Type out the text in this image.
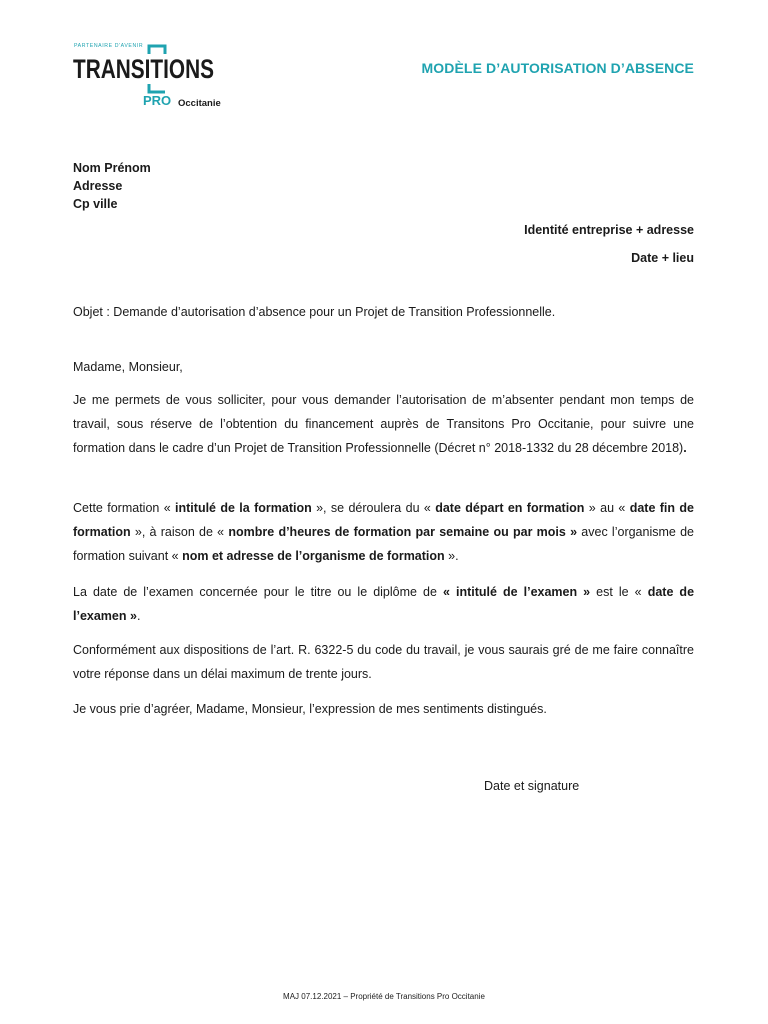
PARTENAIRE D'AVENIR
TRANSITIONS
PRO Occitanie
MODÈLE D’AUTORISATION D’ABSENCE
Nom Prénom
Adresse
Cp ville
Identité entreprise + adresse
Date + lieu
Objet : Demande d’autorisation d’absence pour un Projet de Transition Professionnelle.
Madame, Monsieur,
Je me permets de vous solliciter, pour vous demander l’autorisation de m’absenter pendant mon temps de travail, sous réserve de l’obtention du financement auprès de Transitons Pro Occitanie, pour suivre une formation dans le cadre d’un Projet de Transition Professionnelle (Décret n° 2018-1332 du 28 décembre 2018).
Cette formation « intitulé de la formation », se déroulera du « date départ en formation » au « date fin de formation », à raison de « nombre d’heures de formation par semaine ou par mois » avec l’organisme de formation suivant « nom et adresse de l’organisme de formation ».
La date de l’examen concernée pour le titre ou le diplôme de « intitulé de l’examen » est le « date de l’examen ».
Conformément aux dispositions de l’art. R. 6322-5 du code du travail, je vous saurais gré de me faire connaître votre réponse dans un délai maximum de trente jours.
Je vous prie d’agréer, Madame, Monsieur, l’expression de mes sentiments distingués.
Date et signature
MAJ 07.12.2021 – Propriété de Transitions Pro Occitanie
